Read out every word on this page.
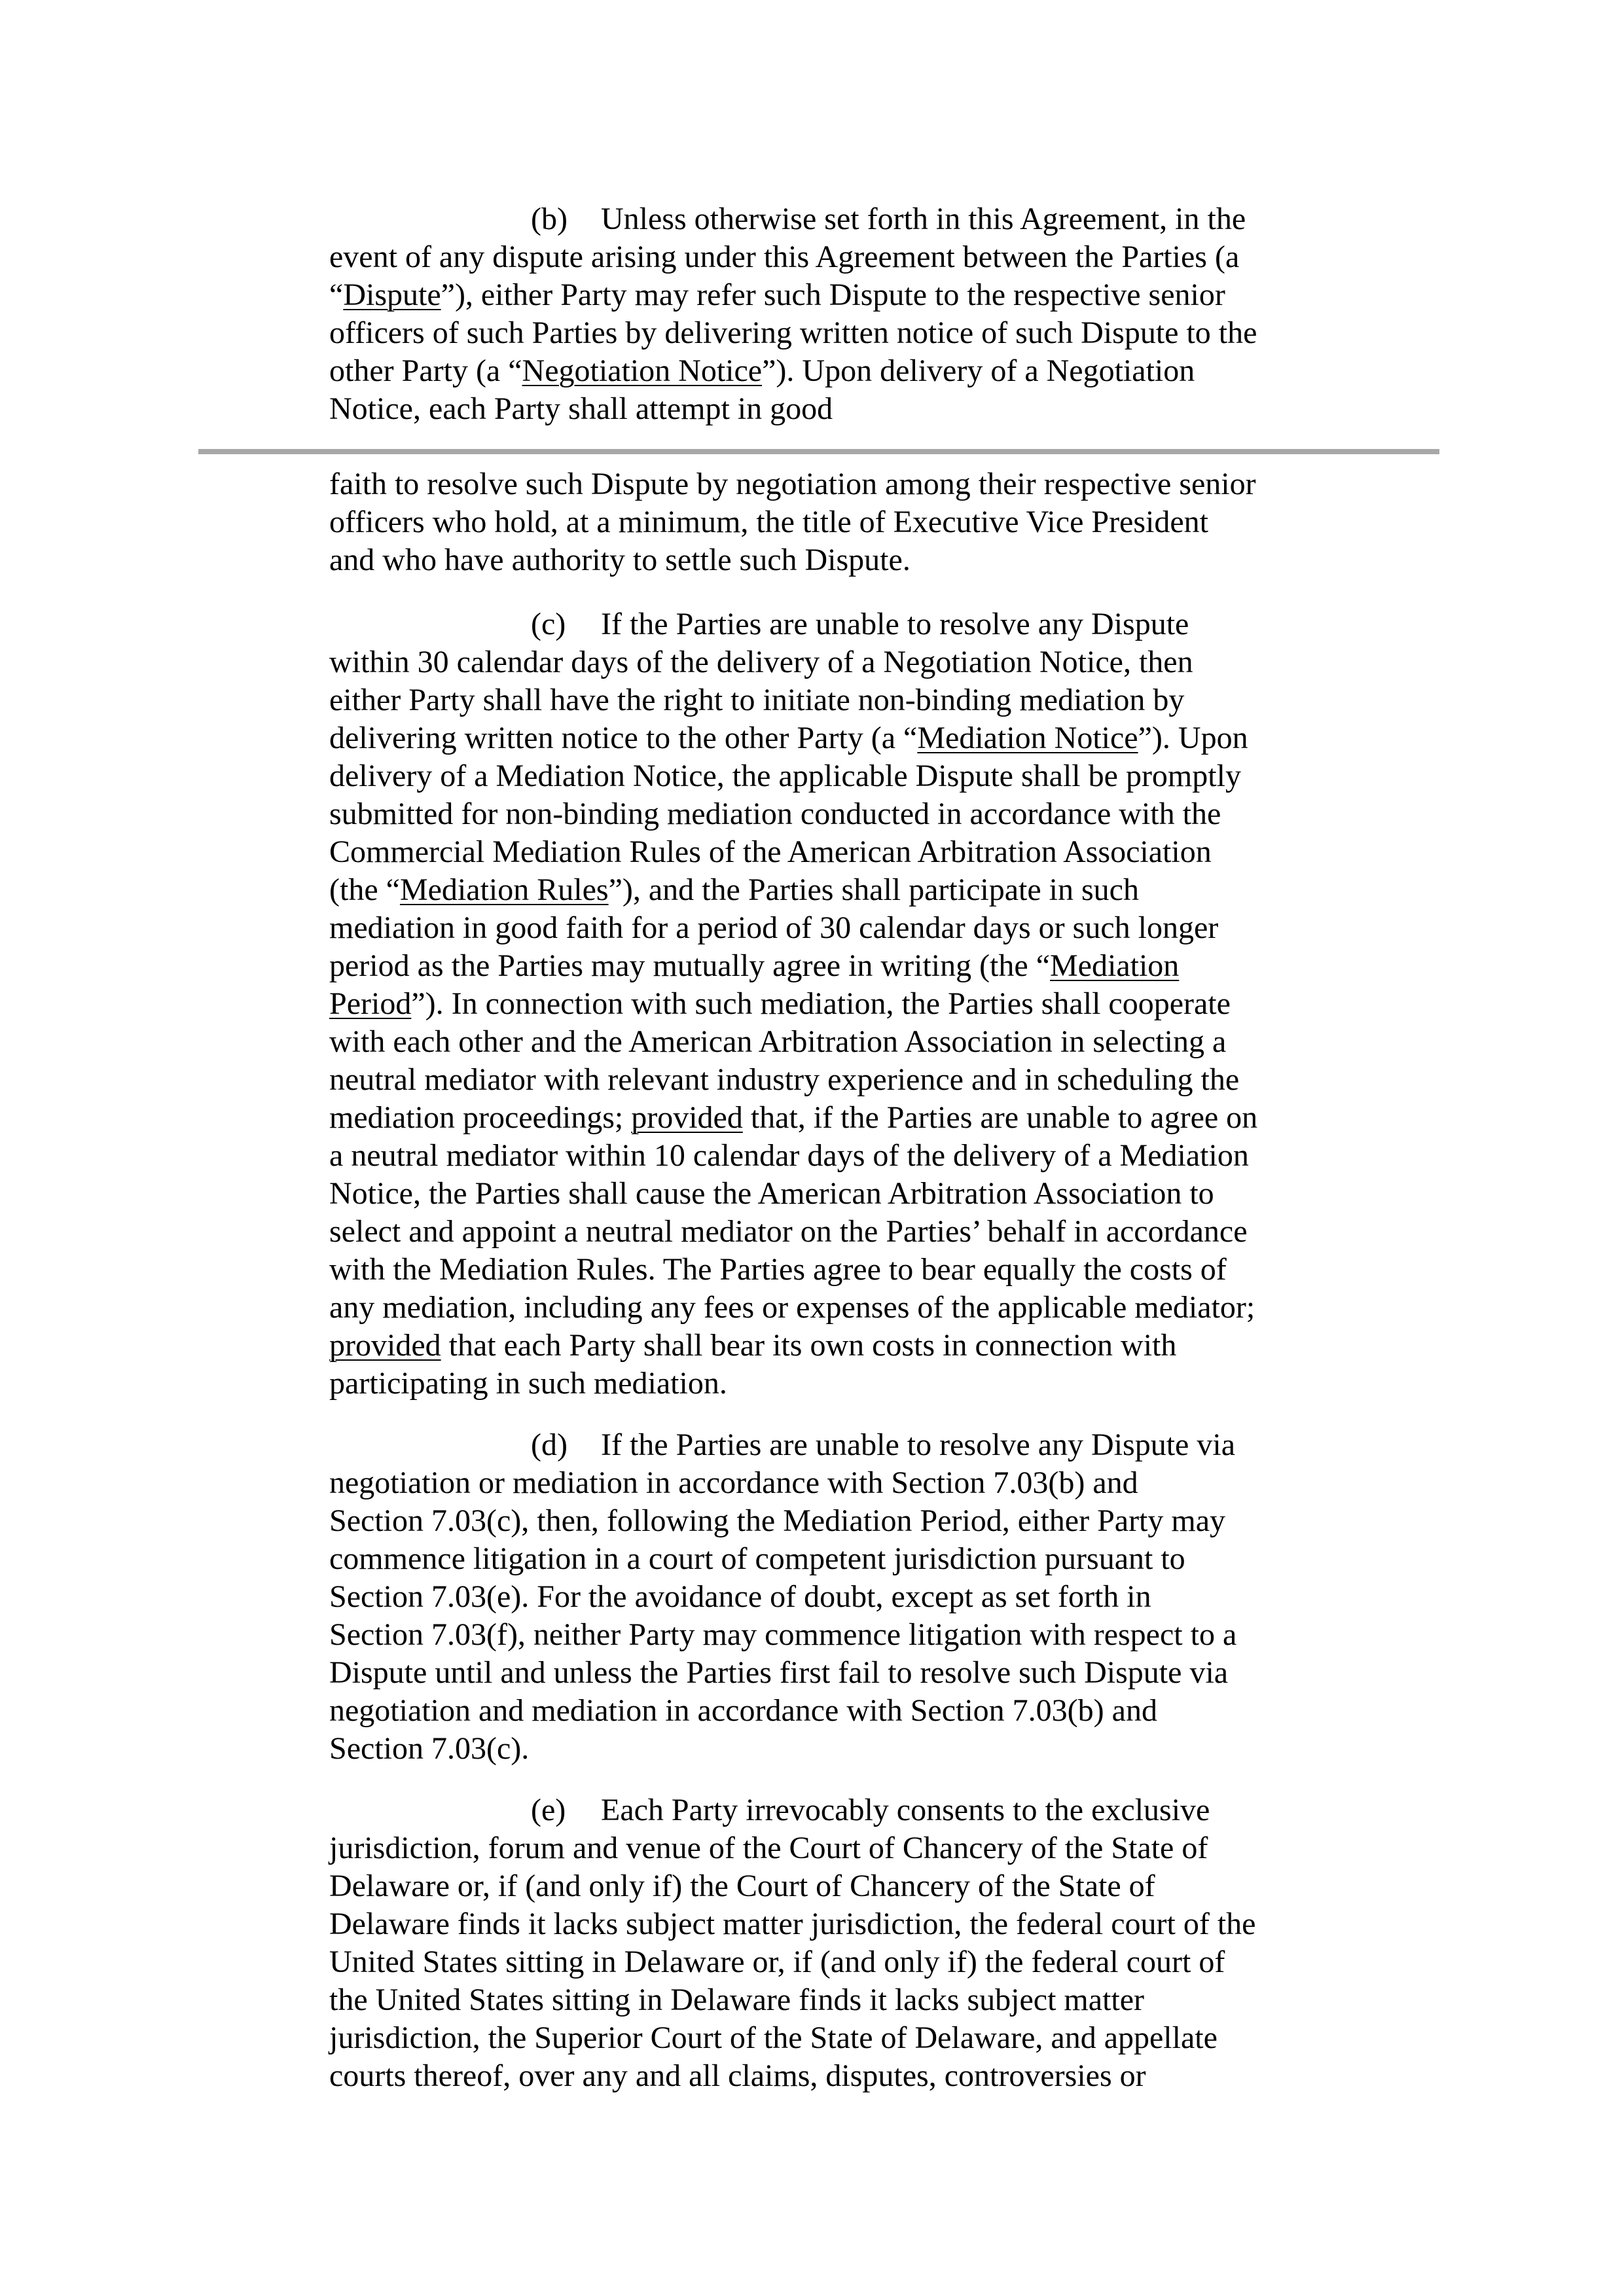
(b) Unless otherwise set forth in this Agreement, in the
event of any dispute arising under this Agreement between the Parties (a
“Dispute”), either Party may refer such Dispute to the respective senior
officers of such Parties by delivering written notice of such Dispute to the
other Party (a “Negotiation Notice”). Upon delivery of a Negotiation
Notice, each Party shall attempt in good
faith to resolve such Dispute by negotiation among their respective senior
officers who hold, at a minimum, the title of Executive Vice President
and who have authority to settle such Dispute.
(c) If the Parties are unable to resolve any Dispute
within 30 calendar days of the delivery of a Negotiation Notice, then
either Party shall have the right to initiate non-binding mediation by
delivering written notice to the other Party (a “Mediation Notice”). Upon
delivery of a Mediation Notice, the applicable Dispute shall be promptly
submitted for non-binding mediation conducted in accordance with the
Commercial Mediation Rules of the American Arbitration Association
(the “Mediation Rules”), and the Parties shall participate in such
mediation in good faith for a period of 30 calendar days or such longer
period as the Parties may mutually agree in writing (the “Mediation
Period”). In connection with such mediation, the Parties shall cooperate
with each other and the American Arbitration Association in selecting a
neutral mediator with relevant industry experience and in scheduling the
mediation proceedings; provided that, if the Parties are unable to agree on
a neutral mediator within 10 calendar days of the delivery of a Mediation
Notice, the Parties shall cause the American Arbitration Association to
select and appoint a neutral mediator on the Parties’ behalf in accordance
with the Mediation Rules. The Parties agree to bear equally the costs of
any mediation, including any fees or expenses of the applicable mediator;
provided that each Party shall bear its own costs in connection with
participating in such mediation.
(d) If the Parties are unable to resolve any Dispute via
negotiation or mediation in accordance with Section 7.03(b) and
Section 7.03(c), then, following the Mediation Period, either Party may
commence litigation in a court of competent jurisdiction pursuant to
Section 7.03(e). For the avoidance of doubt, except as set forth in
Section 7.03(f), neither Party may commence litigation with respect to a
Dispute until and unless the Parties first fail to resolve such Dispute via
negotiation and mediation in accordance with Section 7.03(b) and
Section 7.03(c).
(e) Each Party irrevocably consents to the exclusive
jurisdiction, forum and venue of the Court of Chancery of the State of
Delaware or, if (and only if) the Court of Chancery of the State of
Delaware finds it lacks subject matter jurisdiction, the federal court of the
United States sitting in Delaware or, if (and only if) the federal court of
the United States sitting in Delaware finds it lacks subject matter
jurisdiction, the Superior Court of the State of Delaware, and appellate
courts thereof, over any and all claims, disputes, controversies or
